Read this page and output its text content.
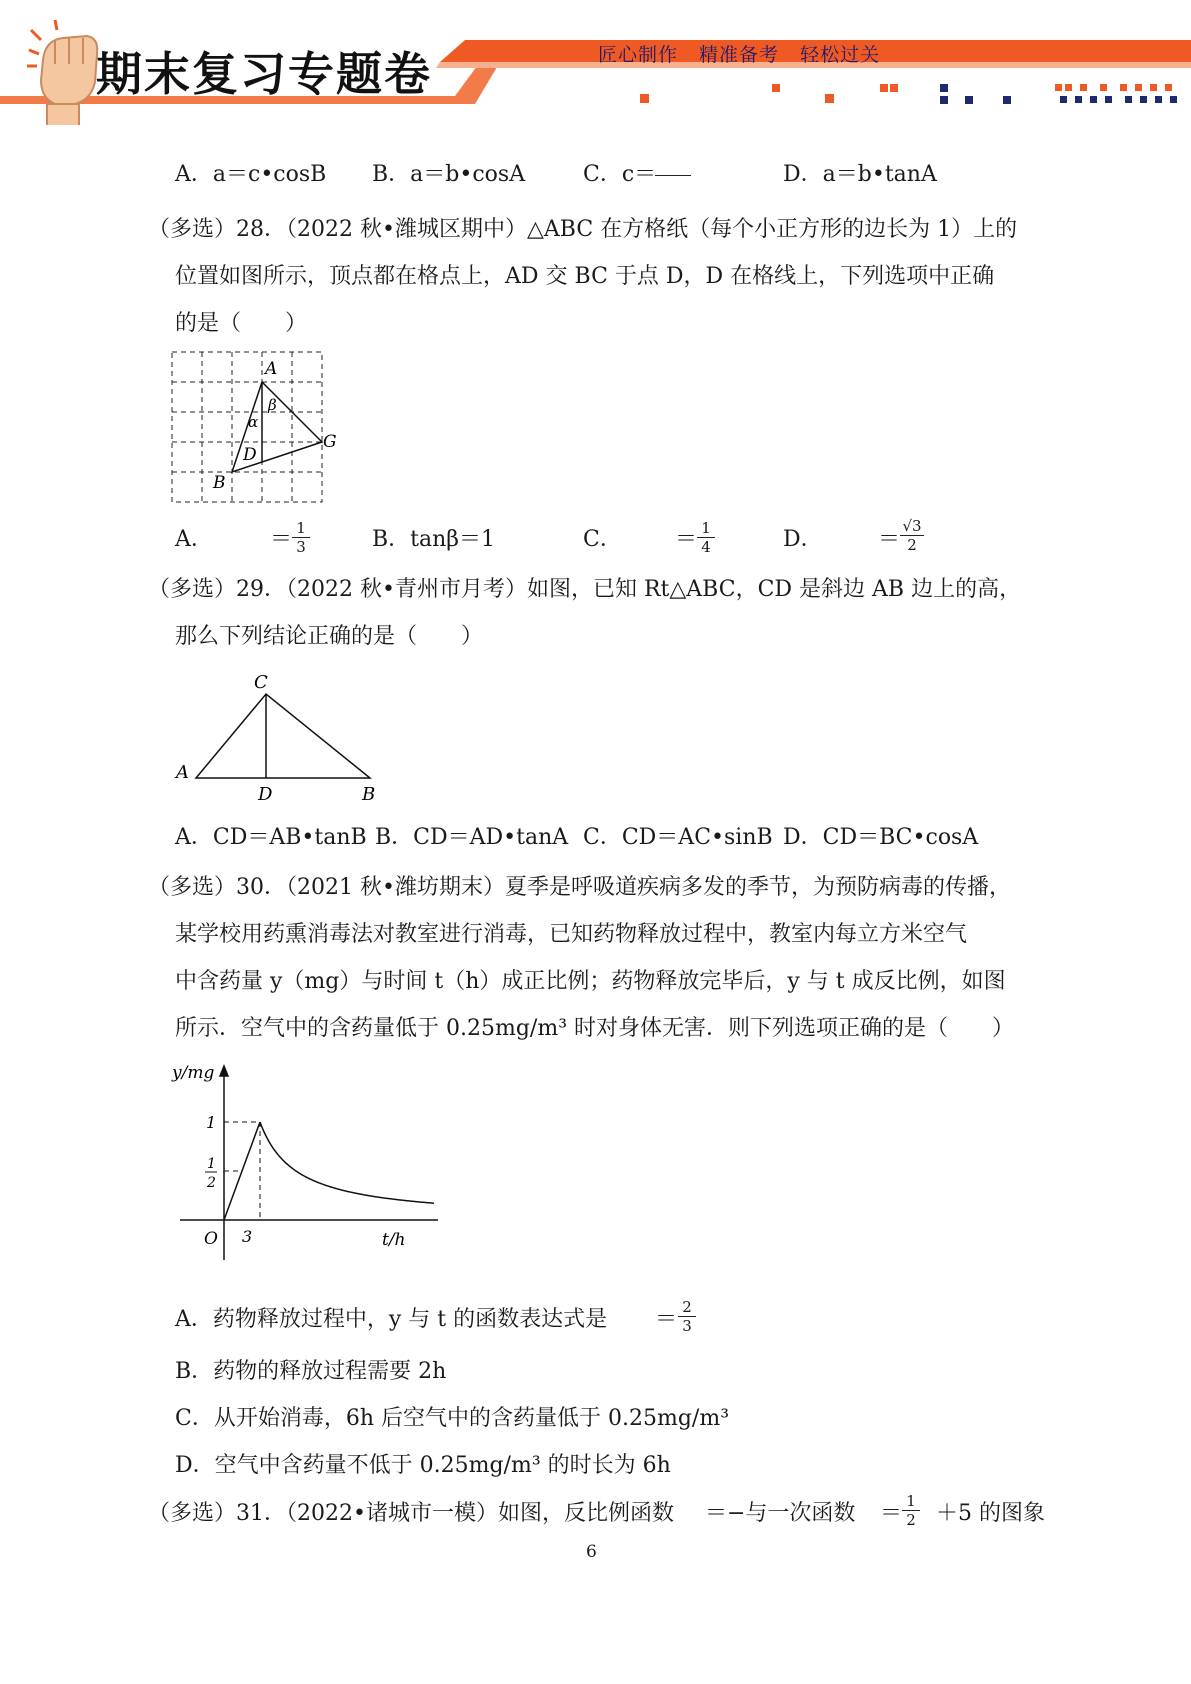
期末复习专题卷	匠心制作 精准备考 轻松过关
A．a＝c•cosB B．a＝b•cosA	C．c＝	D．a＝b•tanA
（多选）28．（2022 秋•潍城区期中）△ABC 在方格纸（每个小正方形的边长为 1）上的
位置如图所示，顶点都在格点上，AD 交 BC 于点 D，D 在格线上，下列选项中正确
的是（　　）
A
B
G
D
α
β
A．	＝ 1
3	B．tanβ＝1	C． ＝ 1
4	D．	＝
√3
2
（多选）29．（2022 秋•青州市月考）如图，已知 Rt△ABC，CD 是斜边 AB 边上的高，
那么下列结论正确的是（　　）
C
A
D	B
A．CD＝AB•tanB B．CD＝AD•tanA C．CD＝AC•sinB D．CD＝BC•cosA
（多选）30．（2021 秋•潍坊期末）夏季是呼吸道疾病多发的季节，为预防病毒的传播，
某学校用药熏消毒法对教室进行消毒，已知药物释放过程中，教室内每立方米空气
中含药量 y（mg）与时间 t（h）成正比例；药物释放完毕后，y 与 t 成反比例，如图
所示．空气中的含药量低于 0.25mg/m³ 时对身体无害．则下列选项正确的是（　　）
y/mg
t/h
O
1
1
2
3
A．药物释放过程中，y 与 t 的函数表达式是 ＝ 2
3
B．药物的释放过程需要 2h
C．从开始消毒，6h 后空气中的含药量低于 0.25mg/m³
D．空气中含药量不低于 0.25mg/m³ 的时长为 6h
（多选）31．（2022•诸城市一模）如图，反比例函数 ＝−与一次函数 ＝ 1
2 ＋5 的图象
6
